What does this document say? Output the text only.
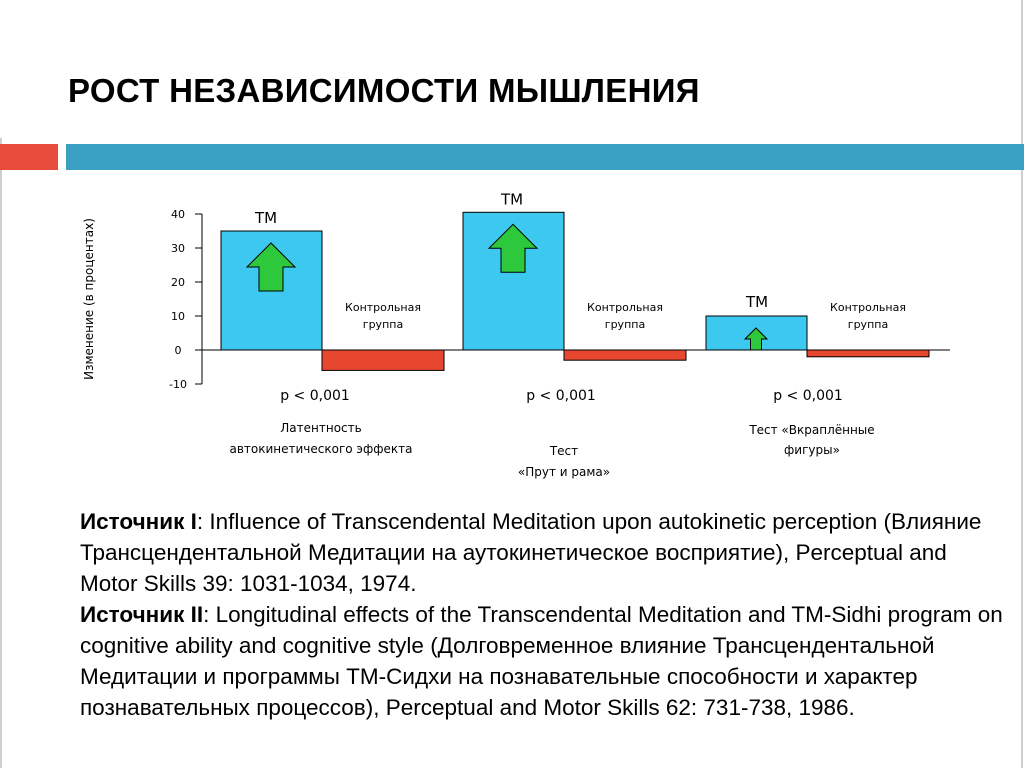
РОСТ НЕЗАВИСИМОСТИ МЫШЛЕНИЯ
Изменение (в процентах)
40
30
20
10
0
-10
ТМ
Контрольная
группа
p < 0,001
ТМ
Контрольная
группа
p < 0,001
ТМ	Контрольная
группа
p < 0,001
Латентность
автокинетического эффекта	Тест
«Прут и рама»
Тест «Вкраплённые
фигуры»
Источник I: Influence of Transcendental Meditation upon autokinetic perception (Влияние Трансцендентальной Медитации на аутокинетическое восприятие), Perceptual and Motor Skills 39: 1031-1034, 1974.
Источник II: Longitudinal effects of the Transcendental Meditation and TM-Sidhi program on cognitive ability and cognitive style (Долговременное влияние Трансцендентальной Медитации и программы ТМ-Сидхи на познавательные способности и характер познавательных процессов), Perceptual and Motor Skills 62: 731-738, 1986.
